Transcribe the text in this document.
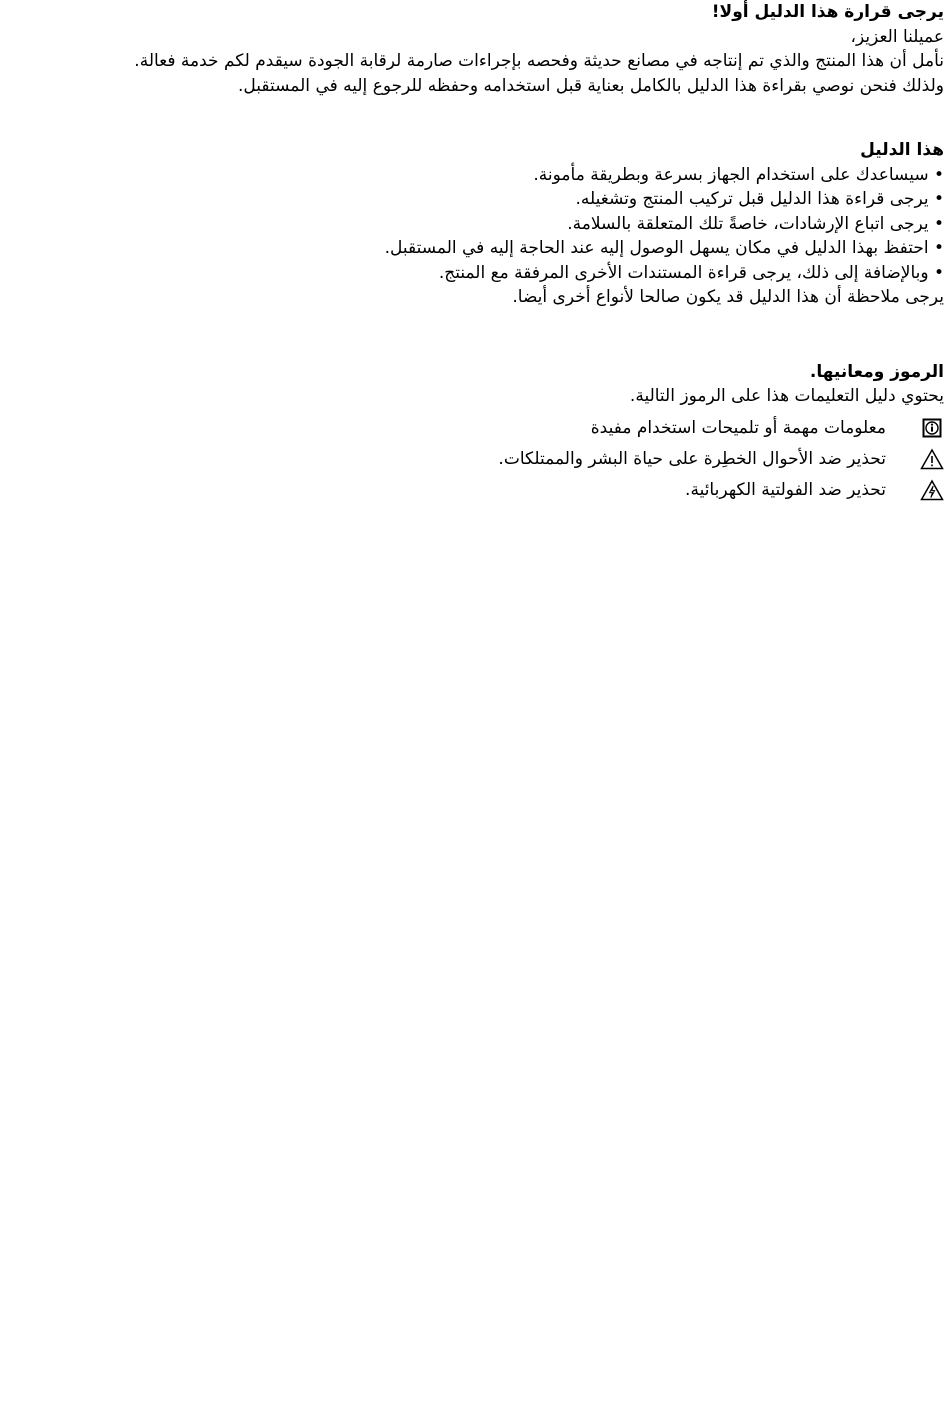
يرجى قرارة هذا الدليل أولا!
عميلنا العزيز،
نأمل أن هذا المنتج والذي تم إنتاجه في مصانع حديثة وفحصه بإجراءات صارمة لرقابة الجودة سيقدم لكم خدمة فعالة.
ولذلك فنحن نوصي بقراءة هذا الدليل بالكامل بعناية قبل استخدامه وحفظه للرجوع إليه في المستقبل.
هذا الدليل
• سيساعدك على استخدام الجهاز بسرعة وبطريقة مأمونة.
• يرجى قراءة هذا الدليل قبل تركيب المنتج وتشغيله.
• يرجى اتباع الإرشادات، خاصةً تلك المتعلقة بالسلامة.
• احتفظ بهذا الدليل في مكان يسهل الوصول إليه عند الحاجة إليه في المستقبل.
• وبالإضافة إلى ذلك، يرجى قراءة المستندات الأخرى المرفقة مع المنتج.
يرجى ملاحظة أن هذا الدليل قد يكون صالحا لأنواع أخرى أيضا.
الرموز ومعانيها.
يحتوي دليل التعليمات هذا على الرموز التالية.
معلومات مهمة أو تلميحات استخدام مفيدة
تحذير ضد الأحوال الخطِرة على حياة البشر والممتلكات.
تحذير ضد الفولتية الكهربائية.
